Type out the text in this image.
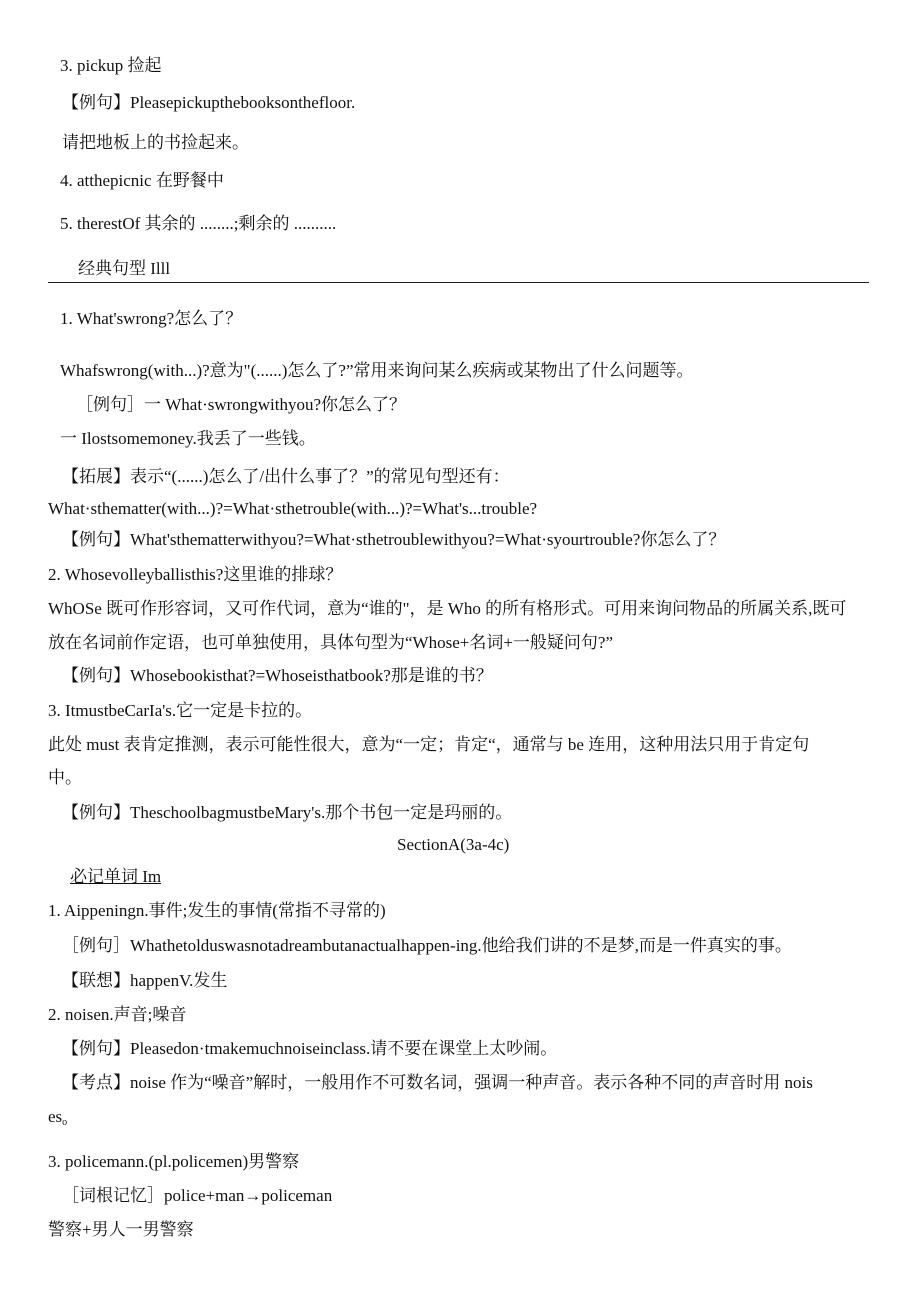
3. pickup 捡起
【例句】Pleasepickupthebooksonthefloor.
请把地板上的书捡起来。
4. atthepicnic 在野餐中
5. therestOf 其余的 ........;剩余的 ..........
经典句型 Illl
1. What'swrong?怎么了？
Whafswrong(with...)?意为"(......)怎么了?”常用来询问某么疾病或某物出了什么问题等。
［例句］一 What·swrongwithyou?你怎么了？
一 Ilostsomemoney.我丢了一些钱。
【拓展】表示“(......)怎么了/出什么事了？”的常见句型还有：
What·sthematter(with...)?=What·sthetrouble(with...)?=What's...trouble?
【例句】What'sthematterwithyou?=What·sthetroublewithyou?=What·syourtrouble?你怎么了？
2. Whosevolleyballisthis?这里谁的排球？
WhOSe 既可作形容词，又可作代词，意为“谁的"，是 Who 的所有格形式。可用来询问物品的所属关系,既可
放在名词前作定语，也可单独使用，具体句型为“Whose+名词+一般疑问句?”
【例句】Whosebookisthat?=Whoseisthatbook?那是谁的书？
3. ItmustbeCarIa's.它一定是卡拉的。
此处 must 表肯定推测，表示可能性很大，意为“一定；肯定“，通常与 be 连用，这种用法只用于肯定句
中。
【例句】TheschoolbagmustbeMary's.那个书包一定是玛丽的。
SectionA(3a-4c)
必记单词 Im
1. Aippeningn.事件;发生的事情(常指不寻常的)
［例句］Whathetoldu​swasnotadreambutanactualhappen-ing.他给我们讲的不是梦,而是一件真实的事。
【联想】happenV.发生
2. noisen.声音;噪音
【例句】Pleasedon·tmakemuchnoiseinclass.请不要在课堂上太吵闹。
【考点】noise 作为“噪音”解时，一般用作不可数名词，强调一种声音。表示各种不同的声音时用 nois
$es_o$
3. policemann.(pl.policemen)男警察
［词根记忆］police+man→policeman
警察+男人一男警察
